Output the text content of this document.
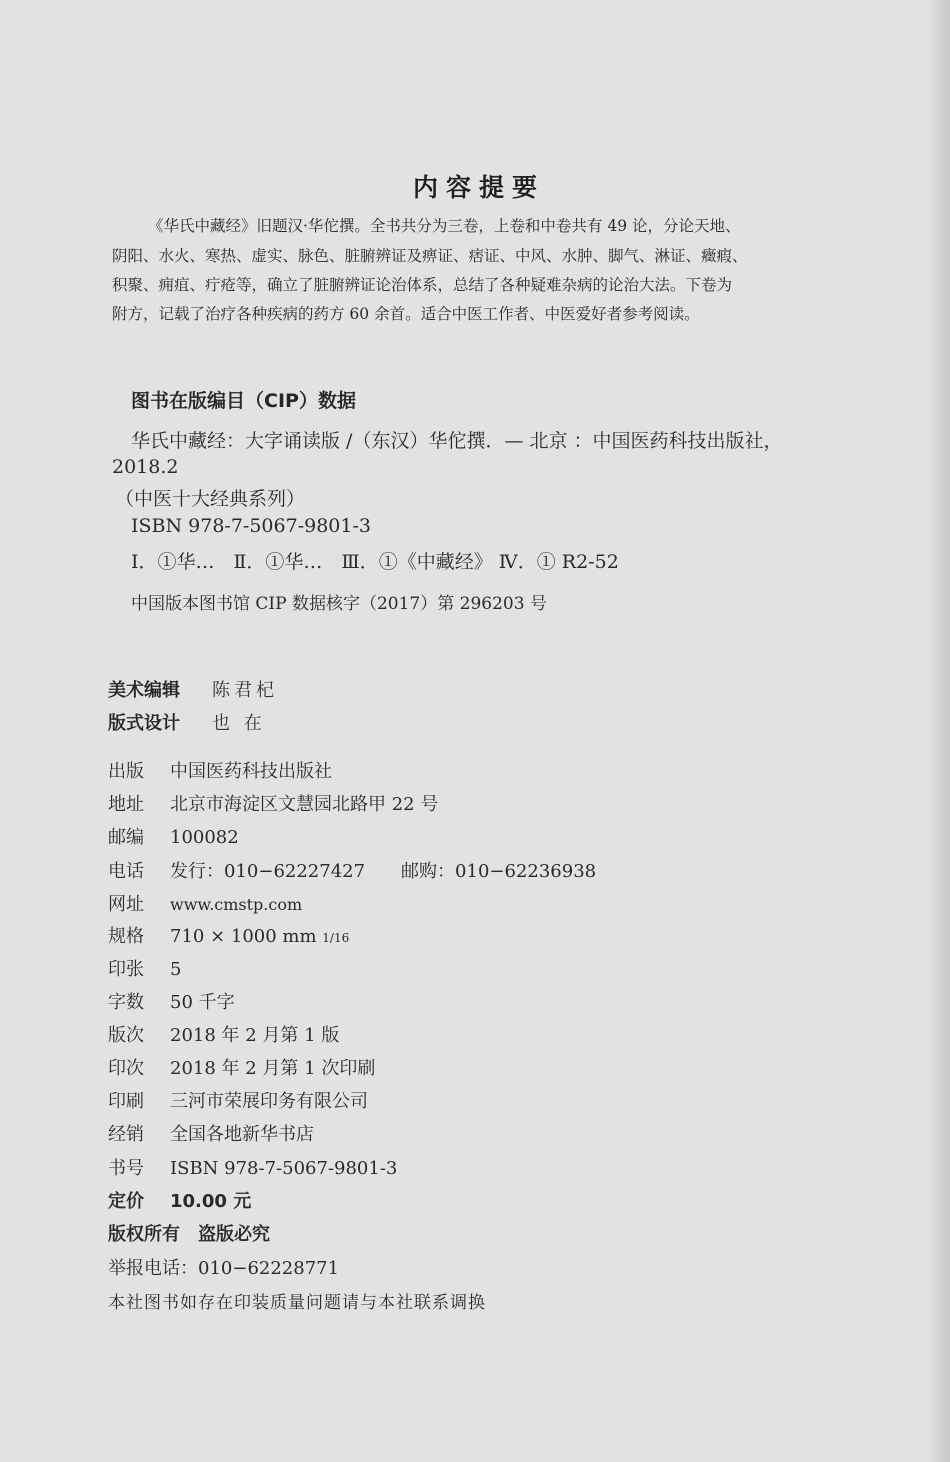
内容提要

《华氏中藏经》旧题汉·华佗撰。全书共分为三卷，上卷和中卷共有 49 论，分论天地、

阴阳、水火、寒热、虚实、脉色、脏腑辨证及痹证、痞证、中风、水肿、脚气、淋证、癥瘕、

积聚、痈疽、疔疮等，确立了脏腑辨证论治体系，总结了各种疑难杂病的论治大法。下卷为

附方，记载了治疗各种疾病的药方 60 余首。适合中医工作者、中医爱好者参考阅读。

图书在版编目（CIP）数据
华氏中藏经：大字诵读版 /（东汉）华佗撰．— 北京 ：中国医药科技出版社，
2018.2
（中医十大经典系列）
ISBN 978-7-5067-9801-3
Ⅰ．①华…　Ⅱ．①华…　Ⅲ．①《中藏经》 Ⅳ．① R2-52
中国版本图书馆 CIP 数据核字（2017）第 296203 号
美术编辑 陈君杞
版式设计 也 在
出版 中国医药科技出版社
地址 北京市海淀区文慧园北路甲 22 号
邮编 100082
电话 发行：010−62227427　　邮购：010−62236938
网址 www.cmstp.com
规格 710 × 1000 mm 1/16
印张 5
字数 50 千字
版次 2018 年 2 月第 1 版
印次 2018 年 2 月第 1 次印刷
印刷 三河市荣展印务有限公司
经销 全国各地新华书店
书号 ISBN 978-7-5067-9801-3
定价 10.00 元
版权所有　盗版必究
举报电话：010−62228771
本社图书如存在印装质量问题请与本社联系调换
